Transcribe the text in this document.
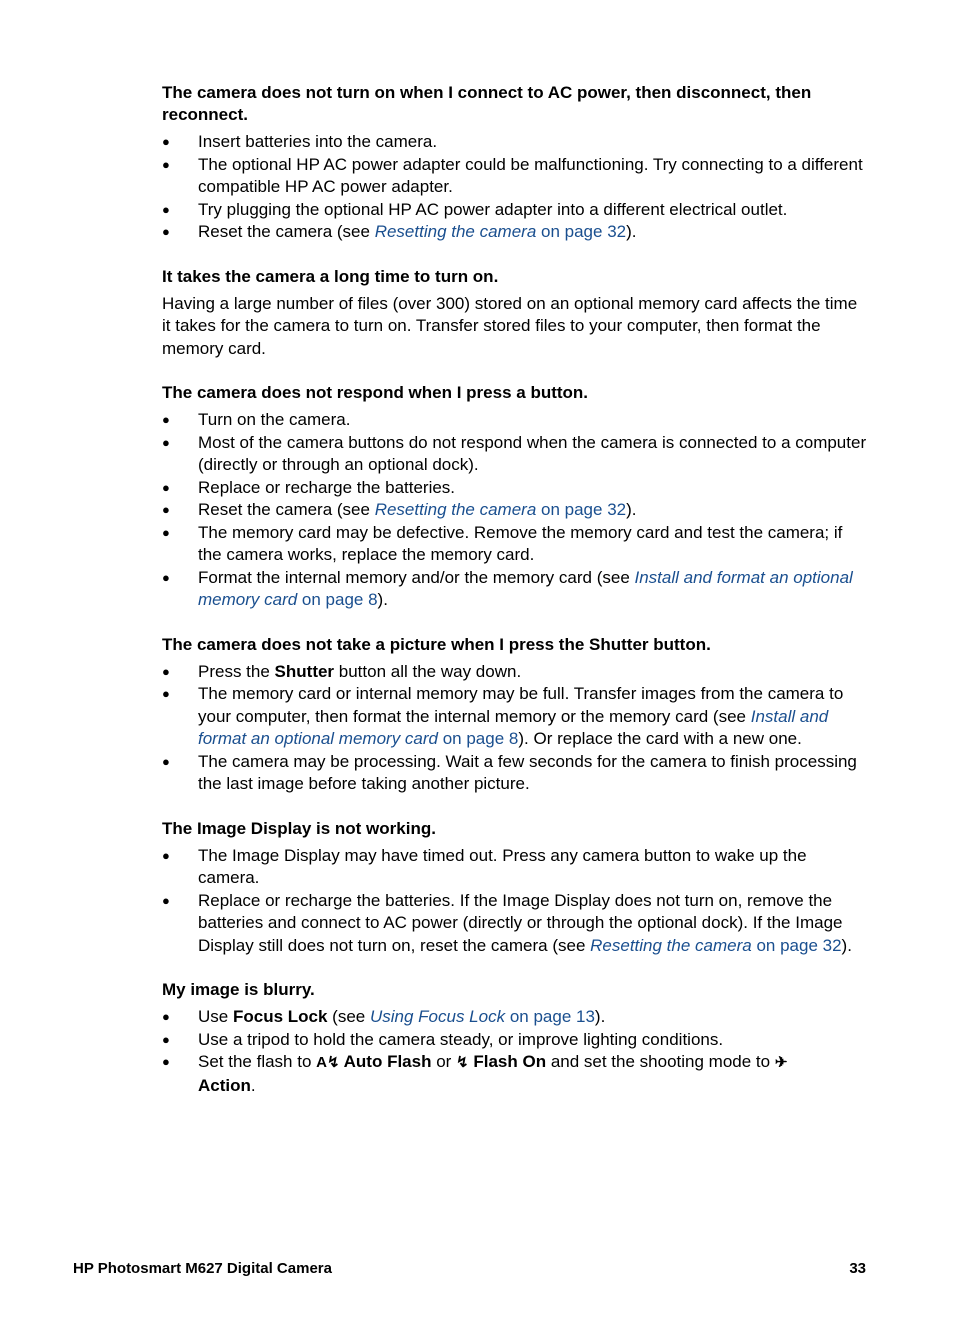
The camera does not turn on when I connect to AC power, then disconnect, then reconnect.

● Insert batteries into the camera.
● The optional HP AC power adapter could be malfunctioning. Try connecting to a different compatible HP AC power adapter.
● Try plugging the optional HP AC power adapter into a different electrical outlet.
● Reset the camera (see Resetting the camera on page 32).

It takes the camera a long time to turn on.

Having a large number of files (over 300) stored on an optional memory card affects the time it takes for the camera to turn on. Transfer stored files to your computer, then format the memory card.

The camera does not respond when I press a button.

● Turn on the camera.
● Most of the camera buttons do not respond when the camera is connected to a computer (directly or through an optional dock).
● Replace or recharge the batteries.
● Reset the camera (see Resetting the camera on page 32).
● The memory card may be defective. Remove the memory card and test the camera; if the camera works, replace the memory card.
● Format the internal memory and/or the memory card (see Install and format an optional memory card on page 8).

The camera does not take a picture when I press the Shutter button.

● Press the Shutter button all the way down.
● The memory card or internal memory may be full. Transfer images from the camera to your computer, then format the internal memory or the memory card (see Install and format an optional memory card on page 8). Or replace the card with a new one.
● The camera may be processing. Wait a few seconds for the camera to finish processing the last image before taking another picture.

The Image Display is not working.

● The Image Display may have timed out. Press any camera button to wake up the camera.
● Replace or recharge the batteries. If the Image Display does not turn on, remove the batteries and connect to AC power (directly or through the optional dock). If the Image Display still does not turn on, reset the camera (see Resetting the camera on page 32).

My image is blurry.

● Use Focus Lock (see Using Focus Lock on page 13).
● Use a tripod to hold the camera steady, or improve lighting conditions.
● Set the flash to A↯ Auto Flash or ↯ Flash On and set the shooting mode to ✈
Action.
HP Photosmart M627 Digital Camera	33
